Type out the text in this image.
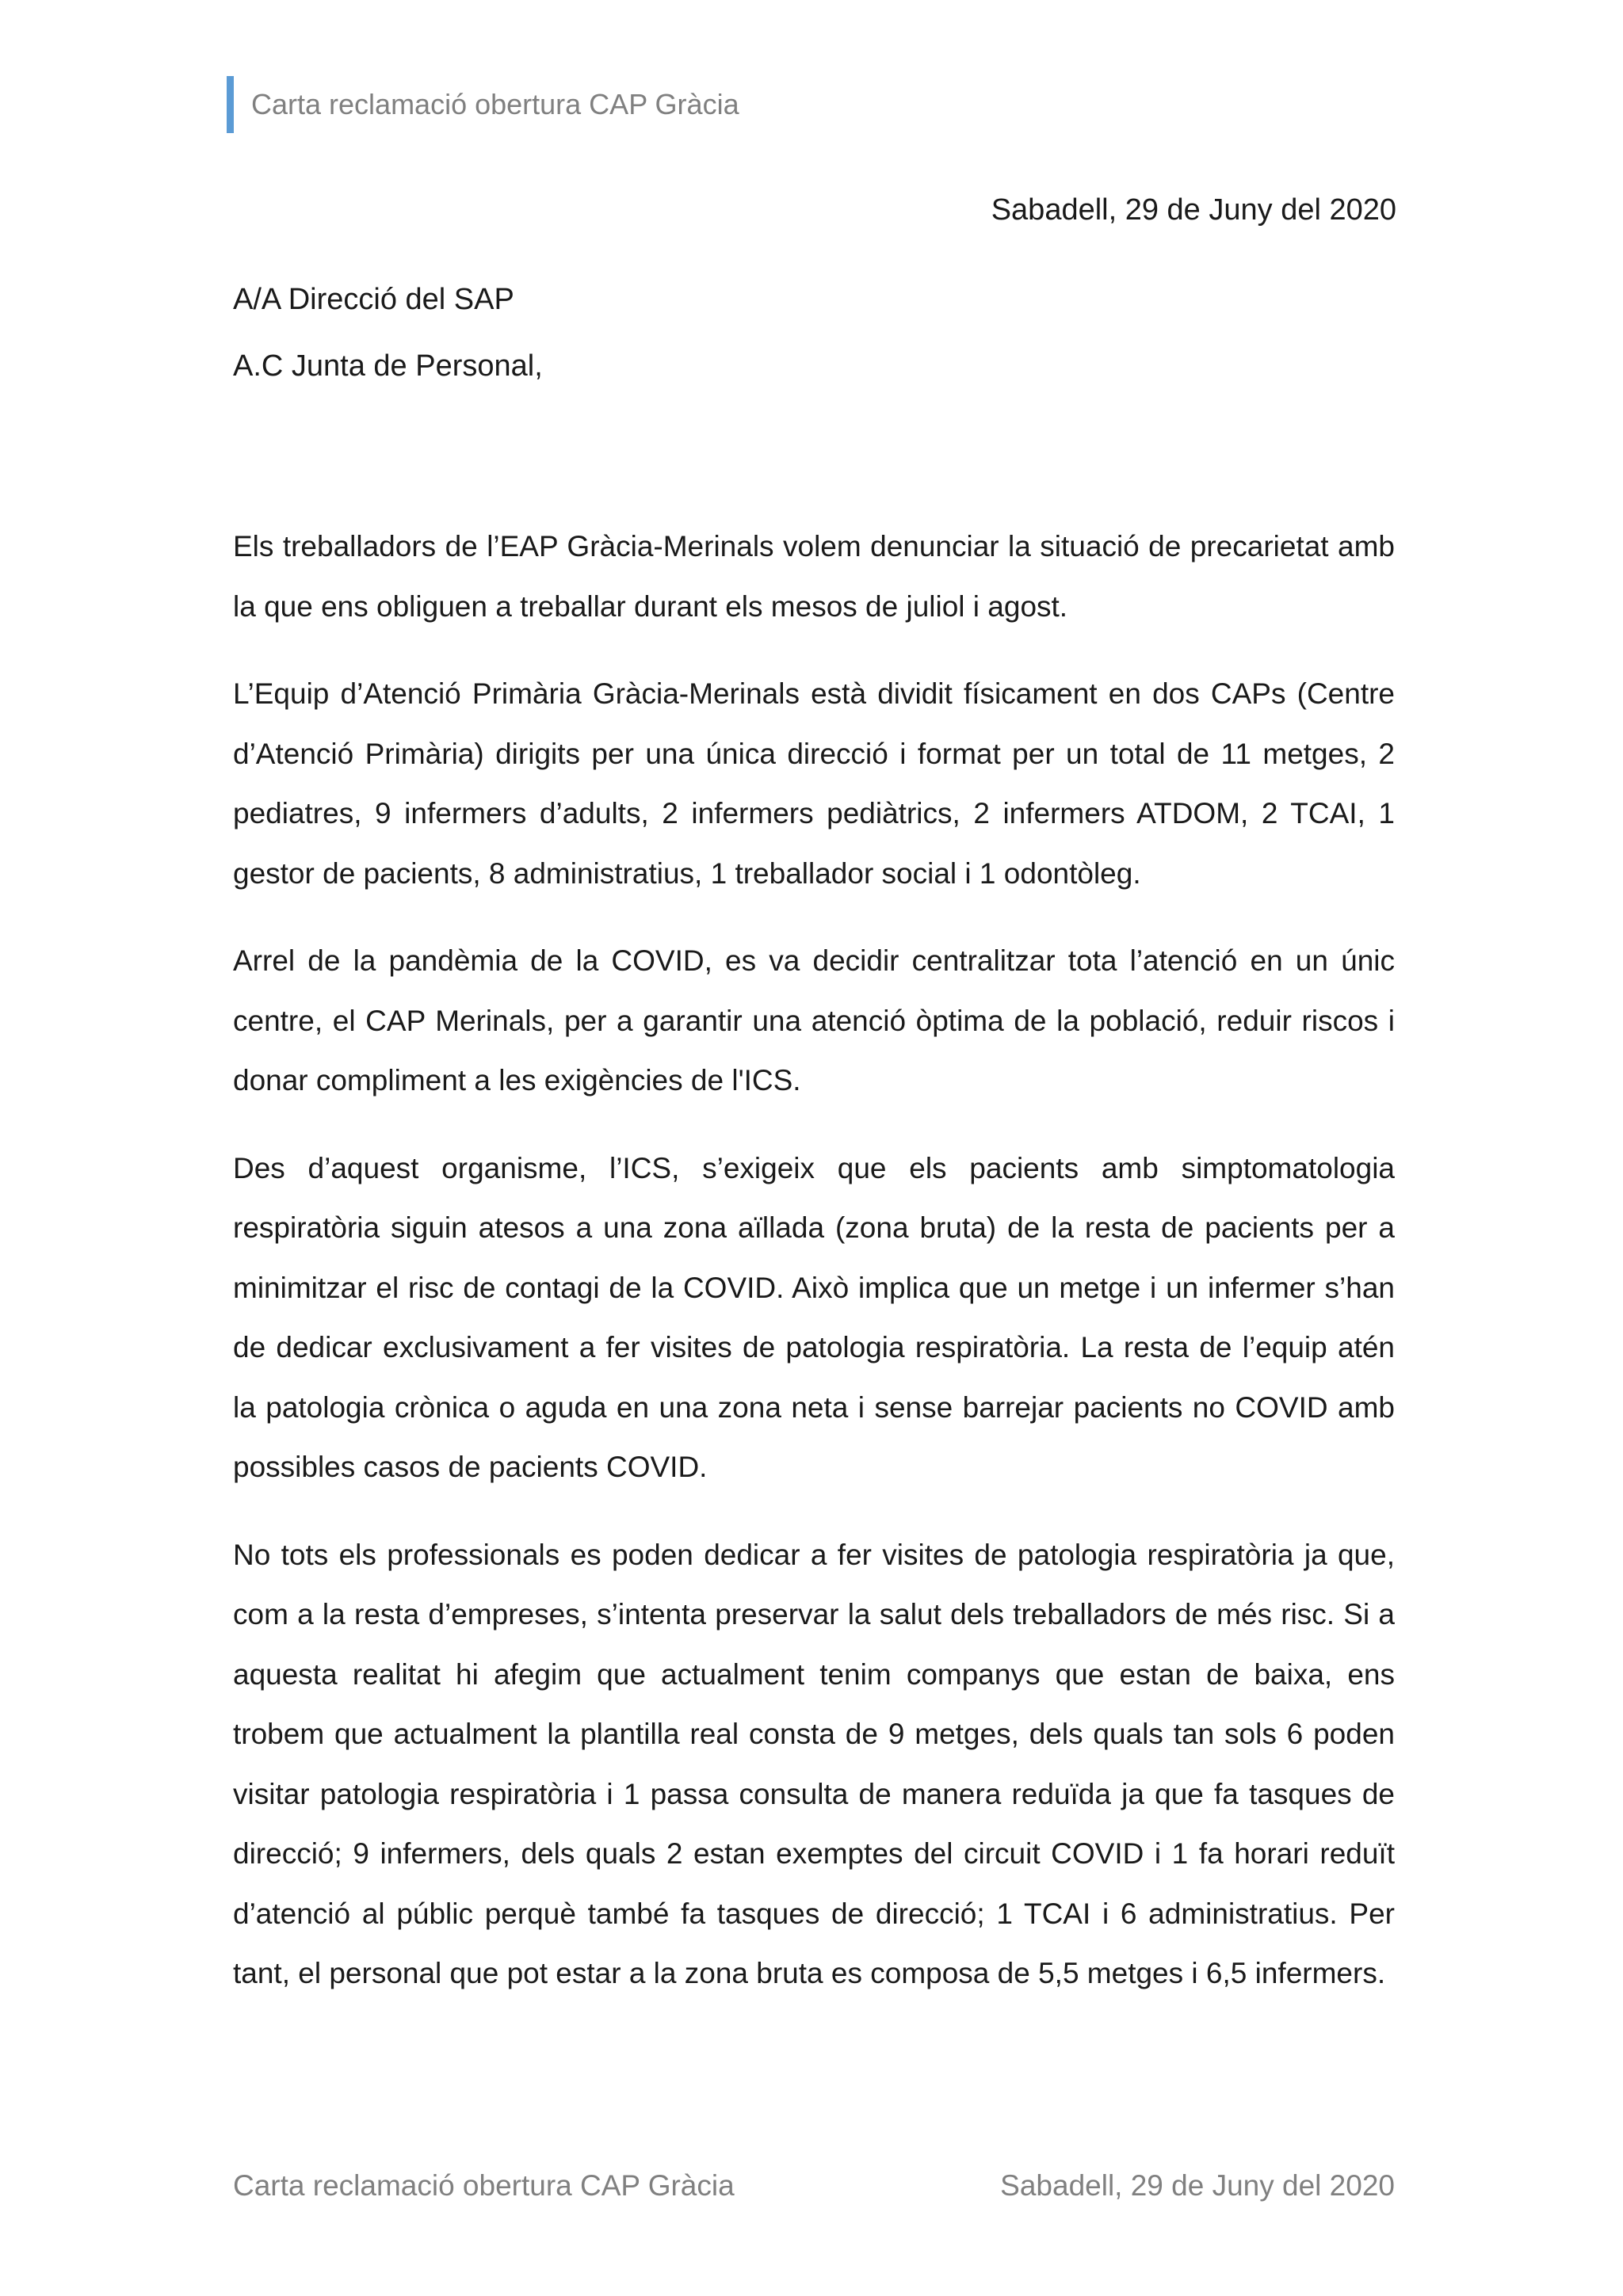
Carta reclamació obertura CAP Gràcia
Sabadell, 29 de Juny del 2020
A/A Direcció del SAP
A.C Junta de Personal,

Els treballadors de l’EAP Gràcia-Merinals volem denunciar la situació de precarietat amb la que ens obliguen a treballar durant els mesos de juliol i agost.

L’Equip d’Atenció Primària Gràcia-Merinals està dividit físicament en dos CAPs (Centre d’Atenció Primària) dirigits per una única direcció i format per un total de 11 metges, 2 pediatres, 9 infermers d’adults, 2 infermers pediàtrics, 2 infermers ATDOM, 2 TCAI, 1 gestor de pacients, 8 administratius, 1 treballador social i 1 odontòleg.

Arrel de la pandèmia de la COVID, es va decidir centralitzar tota l’atenció en un únic centre, el CAP Merinals, per a garantir una atenció òptima de la població, reduir riscos i donar compliment a les exigències de l'ICS.

Des d’aquest organisme, l’ICS, s’exigeix que els pacients amb simptomatologia respiratòria siguin atesos a una zona aïllada (zona bruta) de la resta de pacients per a minimitzar el risc de contagi de la COVID. Això implica que un metge i un infermer s’han de dedicar exclusivament a fer visites de patologia respiratòria. La resta de l’equip atén la patologia crònica o aguda en una zona neta i sense barrejar pacients no COVID amb possibles casos de pacients COVID.

No tots els professionals es poden dedicar a fer visites de patologia respiratòria ja que, com a la resta d’empreses, s’intenta preservar la salut dels treballadors de més risc. Si a aquesta realitat hi afegim que actualment tenim companys que estan de baixa, ens trobem que actualment la plantilla real consta de 9 metges, dels quals tan sols 6 poden visitar patologia respiratòria i 1 passa consulta de manera reduïda ja que fa tasques de direcció; 9 infermers, dels quals 2 estan exemptes del circuit COVID i 1 fa horari reduït d’atenció al públic perquè també fa tasques de direcció; 1 TCAI i 6 administratius. Per tant, el personal que pot estar a la zona bruta es composa de 5,5 metges i 6,5 infermers.

Carta reclamació obertura CAP Gràcia	Sabadell, 29 de Juny del 2020
